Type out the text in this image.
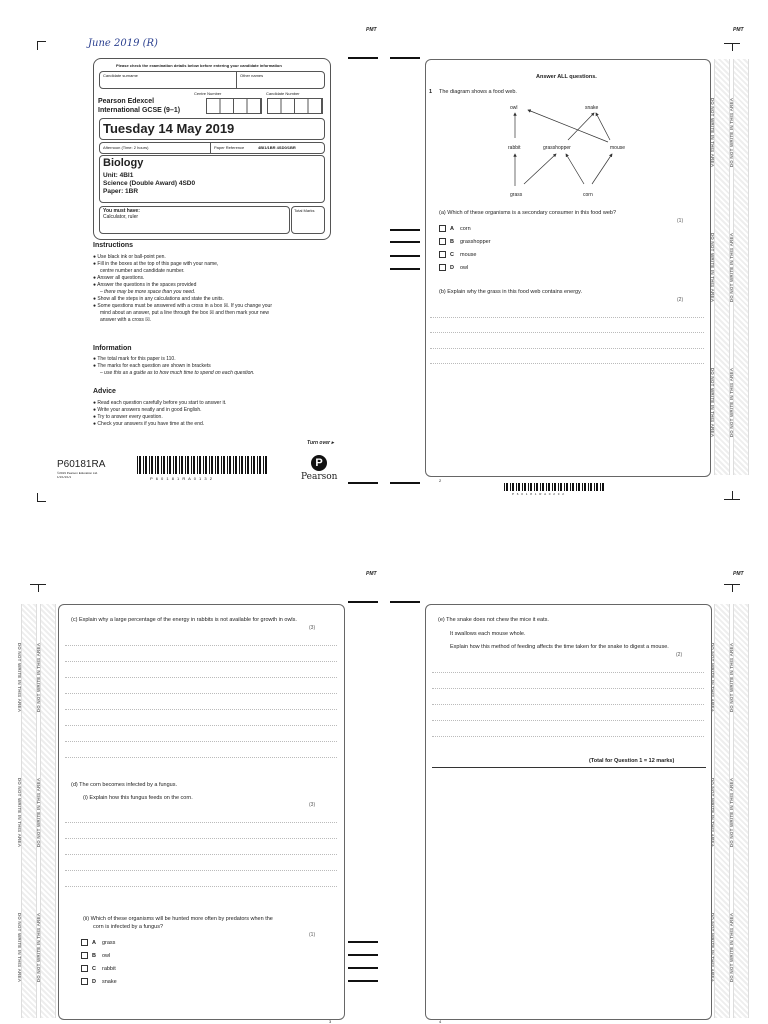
PMT	PMT
June 2019 (R)
Please check the examination details below before entering your candidate information
Candidate surname	Other names
Centre Number	Candidate Number
Pearson Edexcel
International GCSE (9–1)
Tuesday 14 May 2019
Afternoon (Time: 2 hours)	Paper Reference	4BI1/1BR 4SD0/1BR
Biology
Unit: 4BI1
Science (Double Award) 4SD0
Paper: 1BR
You must have:
Calculator, ruler
Total Marks
Instructions
● Use black ink or ball-point pen.
● Fill in the boxes at the top of this page with your name,
centre number and candidate number.
● Answer all questions.
● Answer the questions in the spaces provided
– there may be more space than you need.
● Show all the steps in any calculations and state the units.
● Some questions must be answered with a cross in a box ☒. If you change your
mind about an answer, put a line through the box ☒ and then mark your new
answer with a cross ☒.
Information
● The total mark for this paper is 110.
● The marks for each question are shown in brackets
– use this as a guide as to how much time to spend on each question.
Advice
● Read each question carefully before you start to answer it.
● Write your answers neatly and in good English.
● Try to answer every question.
● Check your answers if you have time at the end.
Turn over ▸
P60181RA
©2019 Pearson Education Ltd.
1/1/1/1/1/1	P 6 0 1 8 1 R A 0 1 3 2
P
Pearson
Answer ALL questions.
1 The diagram shows a food web.
owl	snake
rabbit	grasshopper	mouse
grass	corn
(a) Which of these organisms is a secondary consumer in this food web?
(1)
A corn
B grasshopper
C mouse
D owl
(b) Explain why the grass in this food web contains energy.
(2)
2
P 6 0 1 8 1 R A 0 2 3 2
DO NOT WRITE IN THIS AREA
DO NOT WRITE IN THIS AREA
DO NOT WRITE IN THIS AREA
DO NOT WRITE IN THIS AREA
DO NOT WRITE IN THIS AREA
DO NOT WRITE IN THIS AREA
PMT	PMT
DO NOT WRITE IN THIS AREA
DO NOT WRITE IN THIS AREA
DO NOT WRITE IN THIS AREA
DO NOT WRITE IN THIS AREA
DO NOT WRITE IN THIS AREA
DO NOT WRITE IN THIS AREA
(c) Explain why a large percentage of the energy in rabbits is not available for growth in owls.
(3)
(d) The corn becomes infected by a fungus.
(i) Explain how this fungus feeds on the corn.
(3)
(ii) Which of these organisms will be hunted more often by predators when the
corn is infected by a fungus?
(1)
A grass
B owl
C rabbit
D snake
3
(e) The snake does not chew the mice it eats.
It swallows each mouse whole.
Explain how this method of feeding affects the time taken for the snake to digest a mouse.
(2)
(Total for Question 1 = 12 marks)
4
DO NOT WRITE IN THIS AREA
DO NOT WRITE IN THIS AREA
DO NOT WRITE IN THIS AREA
DO NOT WRITE IN THIS AREA
DO NOT WRITE IN THIS AREA
DO NOT WRITE IN THIS AREA
